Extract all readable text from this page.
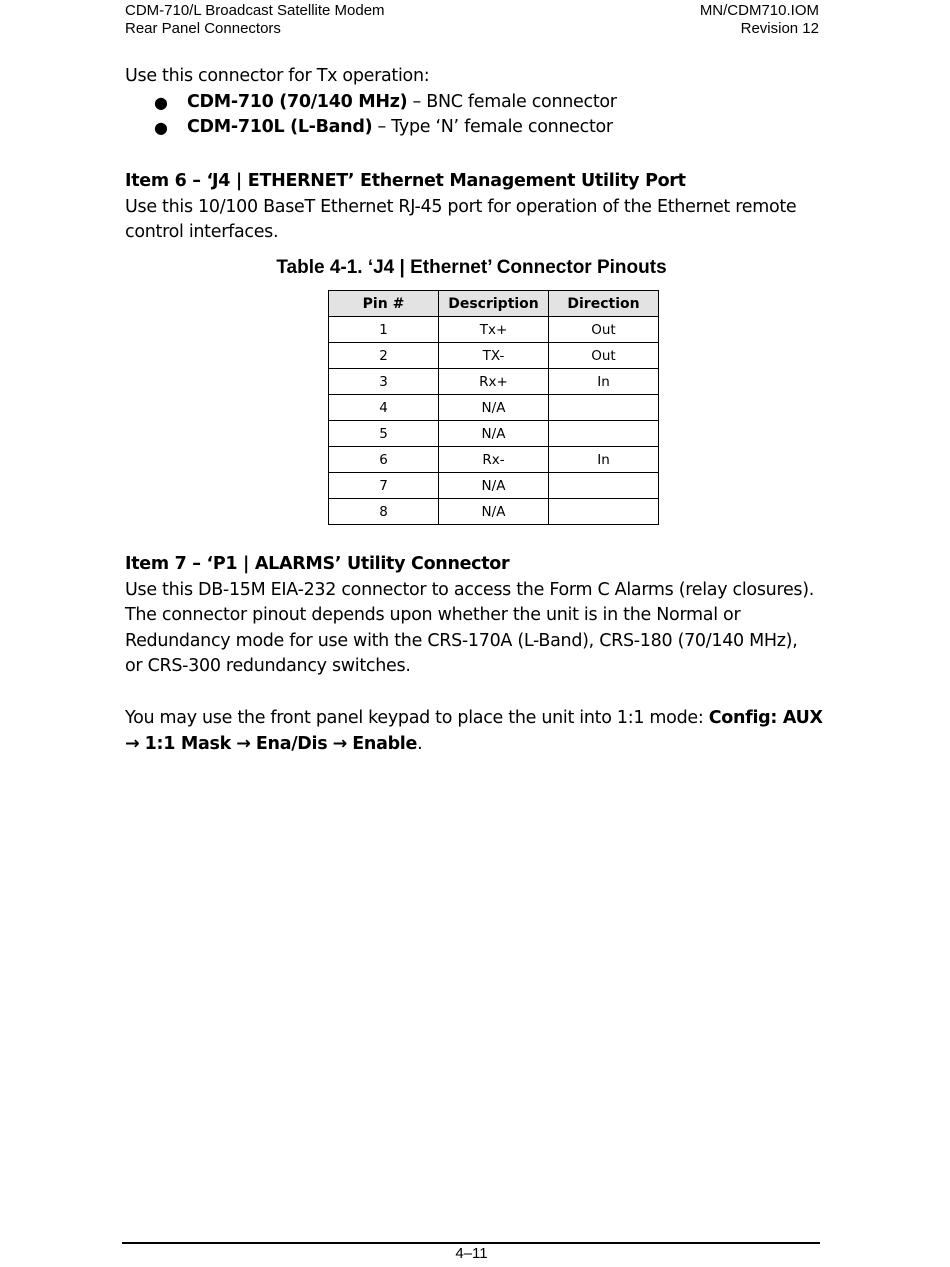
CDM-710/L Broadcast Satellite Modem
Rear Panel Connectors
MN/CDM710.IOM
Revision 12

Use this connector for Tx operation:

● CDM-710 (70/140 MHz) – BNC female connector
● CDM-710L (L-Band) – Type ‘N’ female connector

Item 6 – ‘J4 | ETHERNET’ Ethernet Management Utility Port

Use this 10/100 BaseT Ethernet RJ-45 port for operation of the Ethernet remote

control interfaces.

Table 4-1. ‘J4 | Ethernet’ Connector Pinouts
Pin #	Description	Direction
1	Tx+	Out
2	TX-	Out
3	Rx+	In
4	N/A	
5	N/A	
6	Rx-	In
7	N/A	
8	N/A	

Item 7 – ‘P1 | ALARMS’ Utility Connector

Use this DB-15M EIA-232 connector to access the Form C Alarms (relay closures).

The connector pinout depends upon whether the unit is in the Normal or

Redundancy mode for use with the CRS-170A (L-Band), CRS-180 (70/140 MHz),

or CRS-300 redundancy switches.

You may use the front panel keypad to place the unit into 1:1 mode: Config: AUX → 1:1 Mask → Ena/Dis → Enable.

4–11
